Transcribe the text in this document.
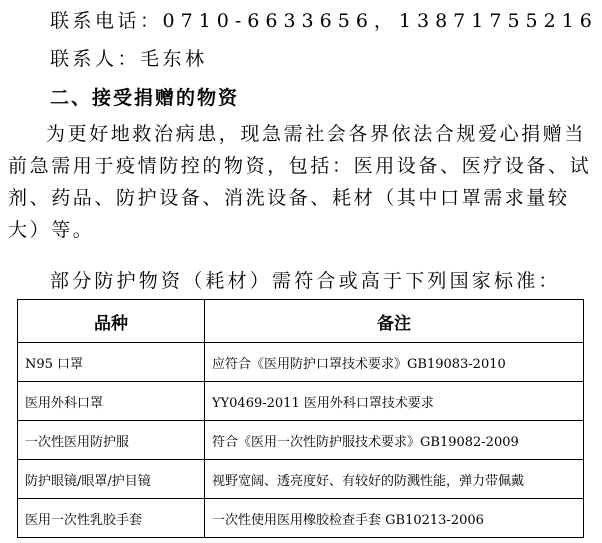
联系电话：0710-6633656，13871755216
联系人：毛东林
二、接受捐赠的物资
为更好地救治病患，现急需社会各界依法合规爱心捐赠当前急需用于疫情防控的物资，包括：医用设备、医疗设备、试剂、药品、防护设备、消洗设备、耗材（其中口罩需求量较大）等。
部分防护物资（耗材）需符合或高于下列国家标准：
品种	备注
N95 口罩	应符合《医用防护口罩技术要求》GB19083-2010
医用外科口罩	YY0469-2011 医用外科口罩技术要求
一次性医用防护服	符合《医用一次性防护服技术要求》GB19082-2009
防护眼镜/眼罩/护目镜	视野宽阔、透亮度好、有较好的防溅性能，弹力带佩戴
医用一次性乳胶手套	一次性使用医用橡胶检查手套 GB10213-2006
